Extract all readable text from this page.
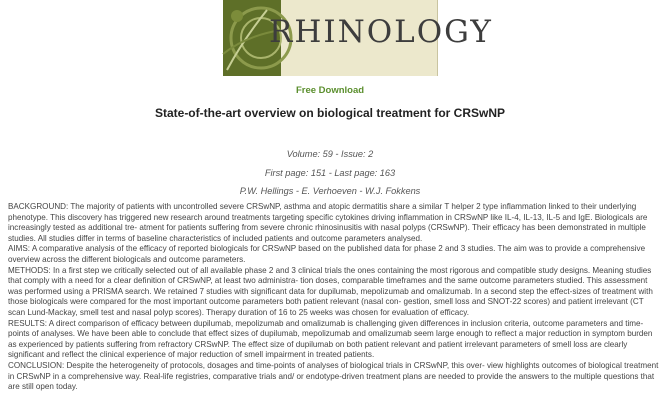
RHINOLOGY
Free Download
State-of-the-art overview on biological treatment for CRSwNP
Volume: 59 - Issue: 2
First page: 151 - Last page: 163
P.W. Hellings - E. Verhoeven - W.J. Fokkens

BACKGROUND: The majority of patients with uncontrolled severe CRSwNP, asthma and atopic dermatitis share a similar T helper 2 type inflammation linked to their underlying phenotype. This discovery has triggered new research around treatments targeting specific cytokines driving inflammation in CRSwNP like IL-4, IL-13, IL-5 and IgE. Biologicals are increasingly tested as additional tre- atment for patients suffering from severe chronic rhinosinusitis with nasal polyps (CRSwNP). Their efficacy has been demonstrated in multiple studies. All studies differ in terms of baseline characteristics of included patients and outcome parameters analysed.

AIMS: A comparative analysis of the efficacy of reported biologicals for CRSwNP based on the published data for phase 2 and 3 studies. The aim was to provide a comprehensive overview across the different biologicals and outcome parameters.

METHODS: In a first step we critically selected out of all available phase 2 and 3 clinical trials the ones containing the most rigorous and compatible study designs. Meaning studies that comply with a need for a clear definition of CRSwNP, at least two administra- tion doses, comparable timeframes and the same outcome parameters studied. This assessment was performed using a PRISMA search. We retained 7 studies with significant data for dupilumab, mepolizumab and omalizumab. In a second step the effect-sizes of treatment with those biologicals were compared for the most important outcome parameters both patient relevant (nasal con- gestion, smell loss and SNOT-22 scores) and patient irrelevant (CT scan Lund-Mackay, smell test and nasal polyp scores). Therapy duration of 16 to 25 weeks was chosen for evaluation of efficacy.

RESULTS: A direct comparison of efficacy between dupilumab, mepolizumab and omalizumab is challenging given differences in inclusion criteria, outcome parameters and time-points of analyses. We have been able to conclude that effect sizes of dupilumab, mepolizumab and omalizumab seem large enough to reflect a major reduction in symptom burden as experienced by patients suffering from refractory CRSwNP. The effect size of dupilumab on both patient relevant and patient irrelevant parameters of smell loss are clearly significant and reflect the clinical experience of major reduction of smell impairment in treated patients.

CONCLUSION: Despite the heterogeneity of protocols, dosages and time-points of analyses of biological trials in CRSwNP, this over- view highlights outcomes of biological treatment in CRSwNP in a comprehensive way. Real-life registries, comparative trials and/ or endotype-driven treatment plans are needed to provide the answers to the multiple questions that are still open today.
